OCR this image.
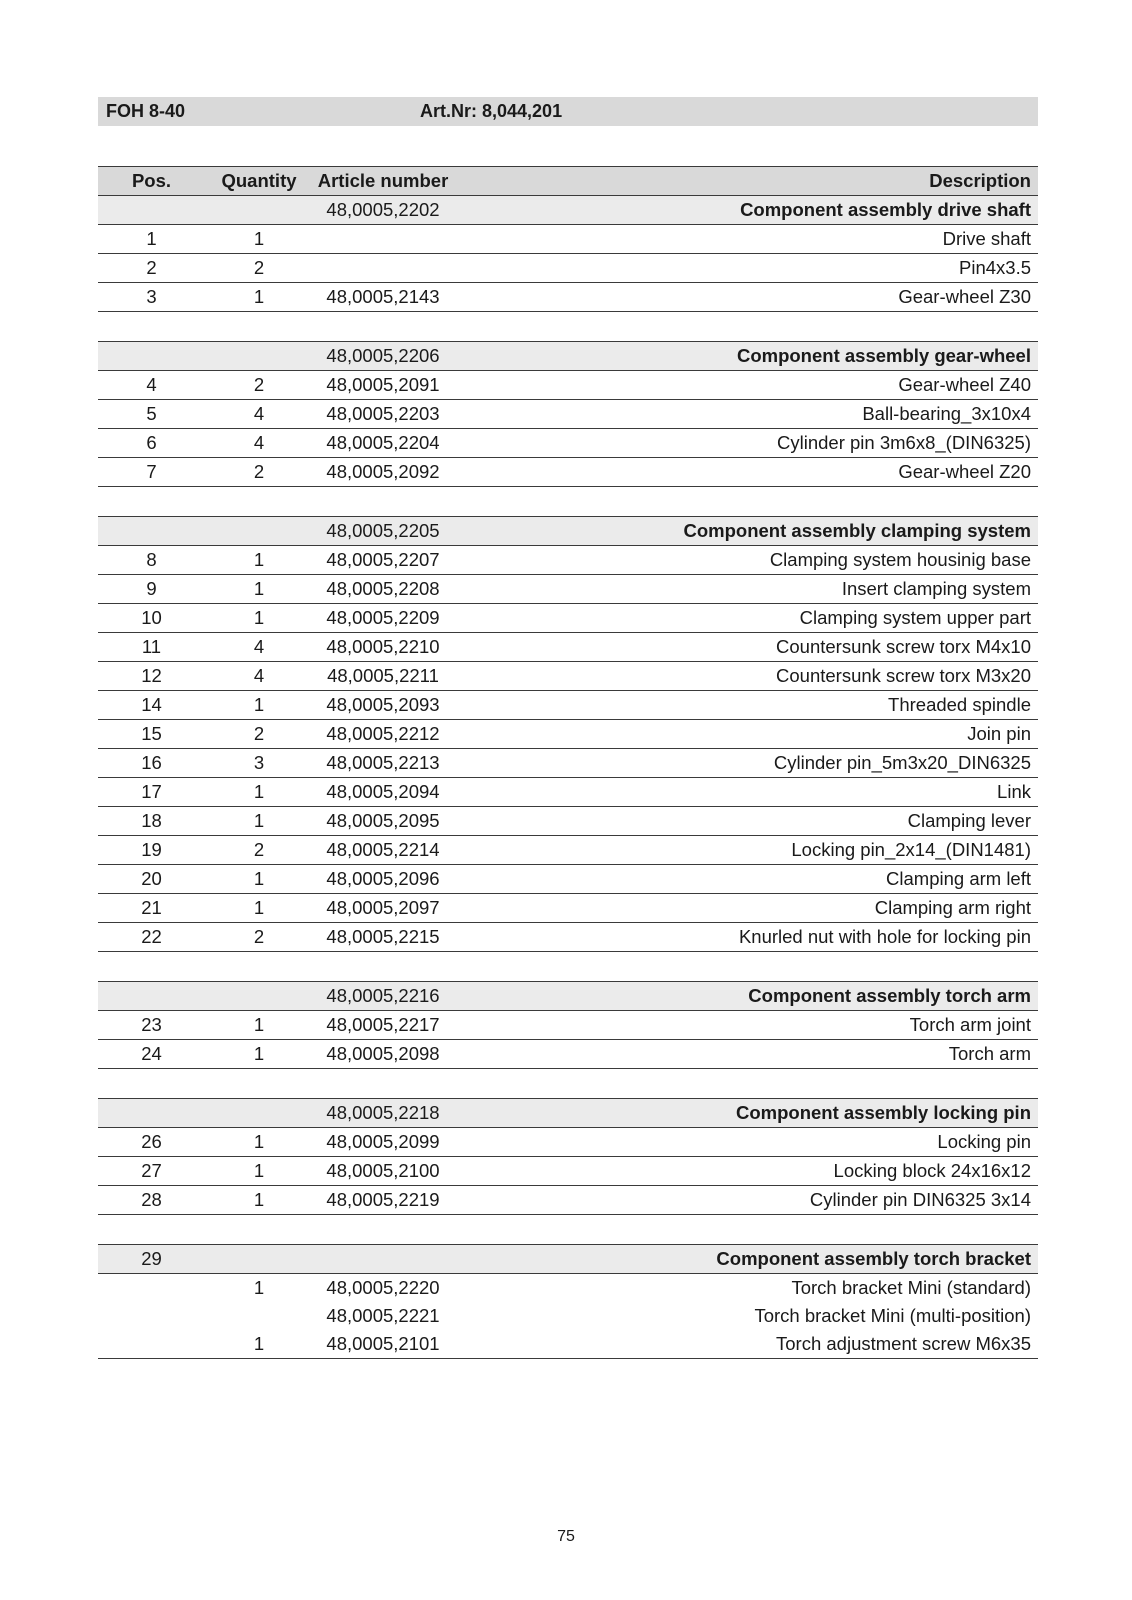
FOH 8-40	Art.Nr: 8,044,201
Pos.	Quantity	Article number	Description
		48,0005,2202	Component assembly drive shaft
1	1		Drive shaft
2	2		Pin4x3.5
3	1	48,0005,2143	Gear-wheel Z30

		48,0005,2206	Component assembly gear-wheel
4	2	48,0005,2091	Gear-wheel Z40
5	4	48,0005,2203	Ball-bearing_3x10x4
6	4	48,0005,2204	Cylinder pin 3m6x8_(DIN6325)
7	2	48,0005,2092	Gear-wheel Z20

		48,0005,2205	Component assembly clamping system
8	1	48,0005,2207	Clamping system housinig base
9	1	48,0005,2208	Insert clamping system
10	1	48,0005,2209	Clamping system upper part
11	4	48,0005,2210	Countersunk screw torx M4x10
12	4	48,0005,2211	Countersunk screw torx M3x20
14	1	48,0005,2093	Threaded spindle
15	2	48,0005,2212	Join pin
16	3	48,0005,2213	Cylinder pin_5m3x20_DIN6325
17	1	48,0005,2094	Link
18	1	48,0005,2095	Clamping lever
19	2	48,0005,2214	Locking pin_2x14_(DIN1481)
20	1	48,0005,2096	Clamping arm left
21	1	48,0005,2097	Clamping arm right
22	2	48,0005,2215	Knurled nut with hole for locking pin

		48,0005,2216	Component assembly torch arm
23	1	48,0005,2217	Torch arm joint
24	1	48,0005,2098	Torch arm

		48,0005,2218	Component assembly locking pin
26	1	48,0005,2099	Locking pin
27	1	48,0005,2100	Locking block 24x16x12
28	1	48,0005,2219	Cylinder pin DIN6325 3x14

29			Component assembly torch bracket
	1	48,0005,2220	Torch bracket Mini (standard)
		48,0005,2221	Torch bracket Mini (multi-position)
	1	48,0005,2101	Torch adjustment screw M6x35
75
